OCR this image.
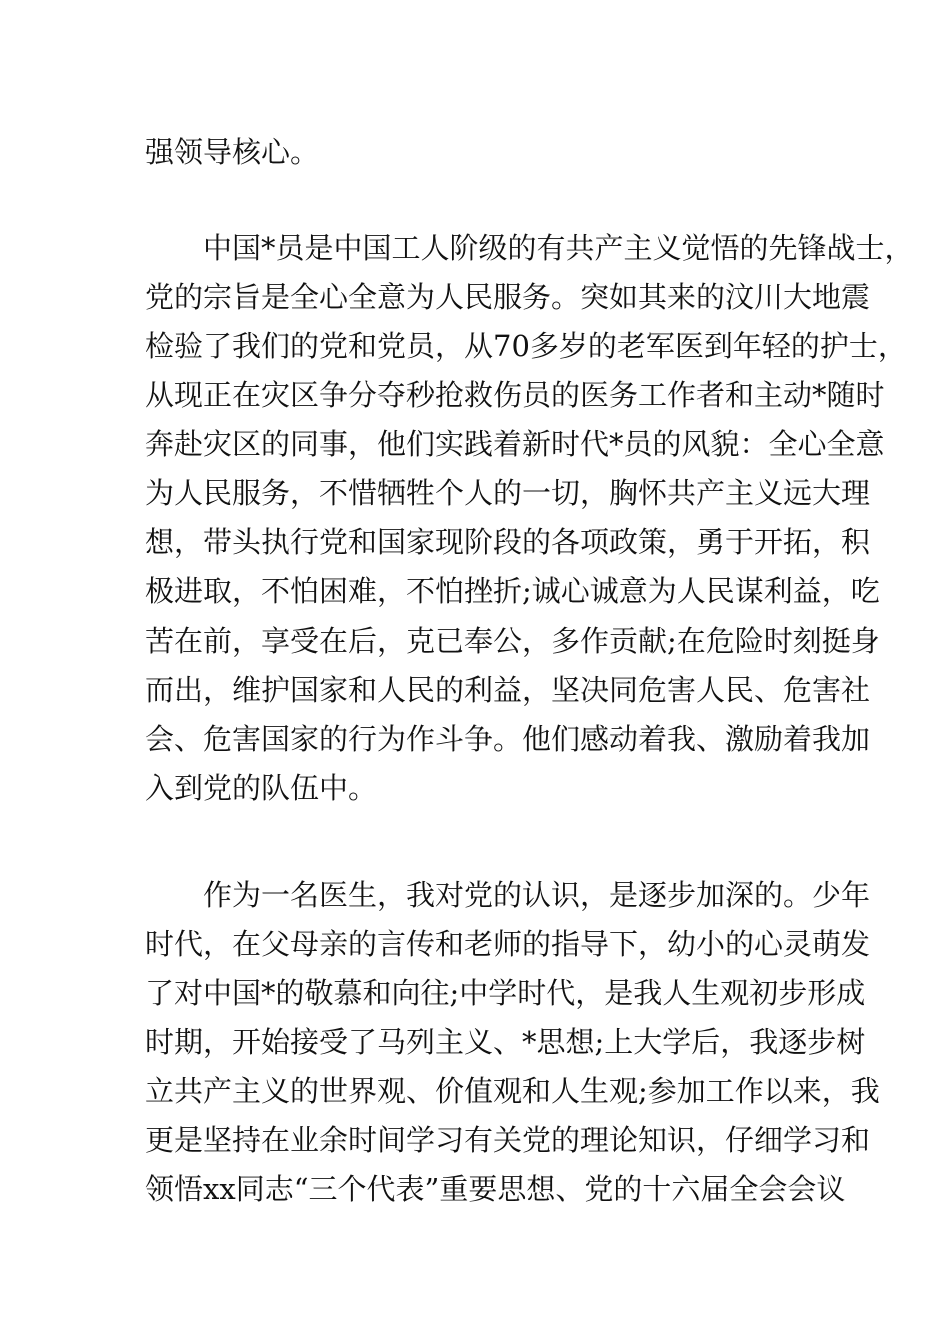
强领导核心。
中国*员是中国工人阶级的有共产主义觉悟的先锋战士，
党的宗旨是全心全意为人民服务。突如其来的汶川大地震
检验了我们的党和党员，从70多岁的老军医到年轻的护士，
从现正在灾区争分夺秒抢救伤员的医务工作者和主动*随时
奔赴灾区的同事，他们实践着新时代*员的风貌：全心全意
为人民服务，不惜牺牲个人的一切，胸怀共产主义远大理
想，带头执行党和国家现阶段的各项政策，勇于开拓，积
极进取，不怕困难，不怕挫折;诚心诚意为人民谋利益，吃
苦在前，享受在后，克已奉公，多作贡献;在危险时刻挺身
而出，维护国家和人民的利益，坚决同危害人民、危害社
会、危害国家的行为作斗争。他们感动着我、激励着我加
入到党的队伍中。
作为一名医生，我对党的认识，是逐步加深的。少年
时代，在父母亲的言传和老师的指导下，幼小的心灵萌发
了对中国*的敬慕和向往;中学时代，是我人生观初步形成
时期，开始接受了马列主义、*思想;上大学后，我逐步树
立共产主义的世界观、价值观和人生观;参加工作以来，我
更是坚持在业余时间学习有关党的理论知识，仔细学习和
领悟xx同志“三个代表”重要思想、党的十六届全会会议
